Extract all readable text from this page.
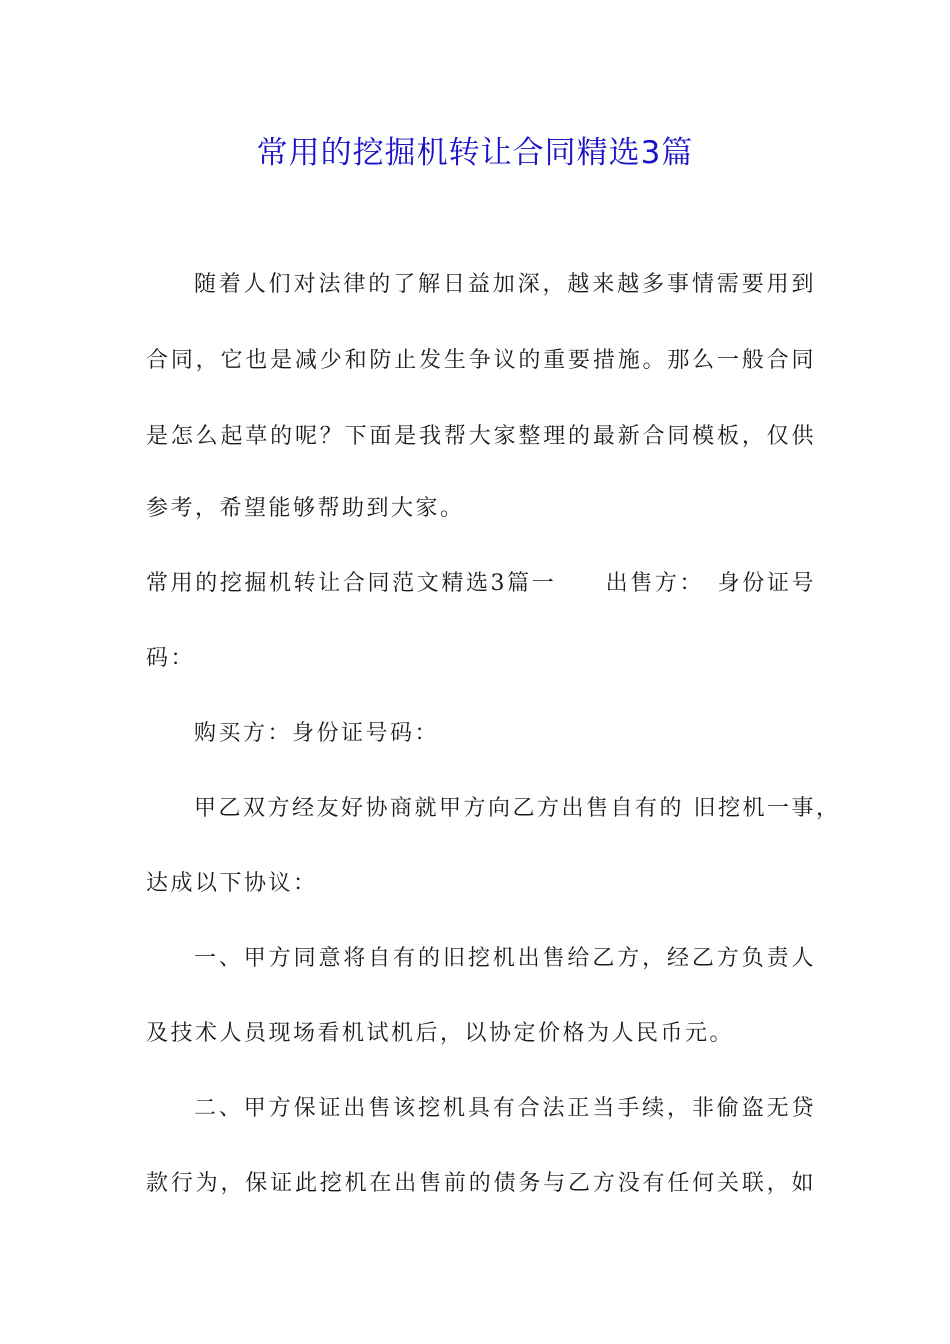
常用的挖掘机转让合同精选3篇
随着人们对法律的了解日益加深，越来越多事情需要用到
合同，它也是减少和防止发生争议的重要措施。那么一般合同
是怎么起草的呢？下面是我帮大家整理的最新合同模板，仅供
参考，希望能够帮助到大家。
常用的挖掘机转让合同范文精选3篇一　　出售方：　身份证号
码：
购买方：身份证号码：
甲乙双方经友好协商就甲方向乙方出售自有的 旧挖机一事，
达成以下协议：
一、甲方同意将自有的旧挖机出售给乙方，经乙方负责人
及技术人员现场看机试机后，以协定价格为人民币元。
二、甲方保证出售该挖机具有合法正当手续，非偷盗无贷
款行为，保证此挖机在出售前的债务与乙方没有任何关联，如
